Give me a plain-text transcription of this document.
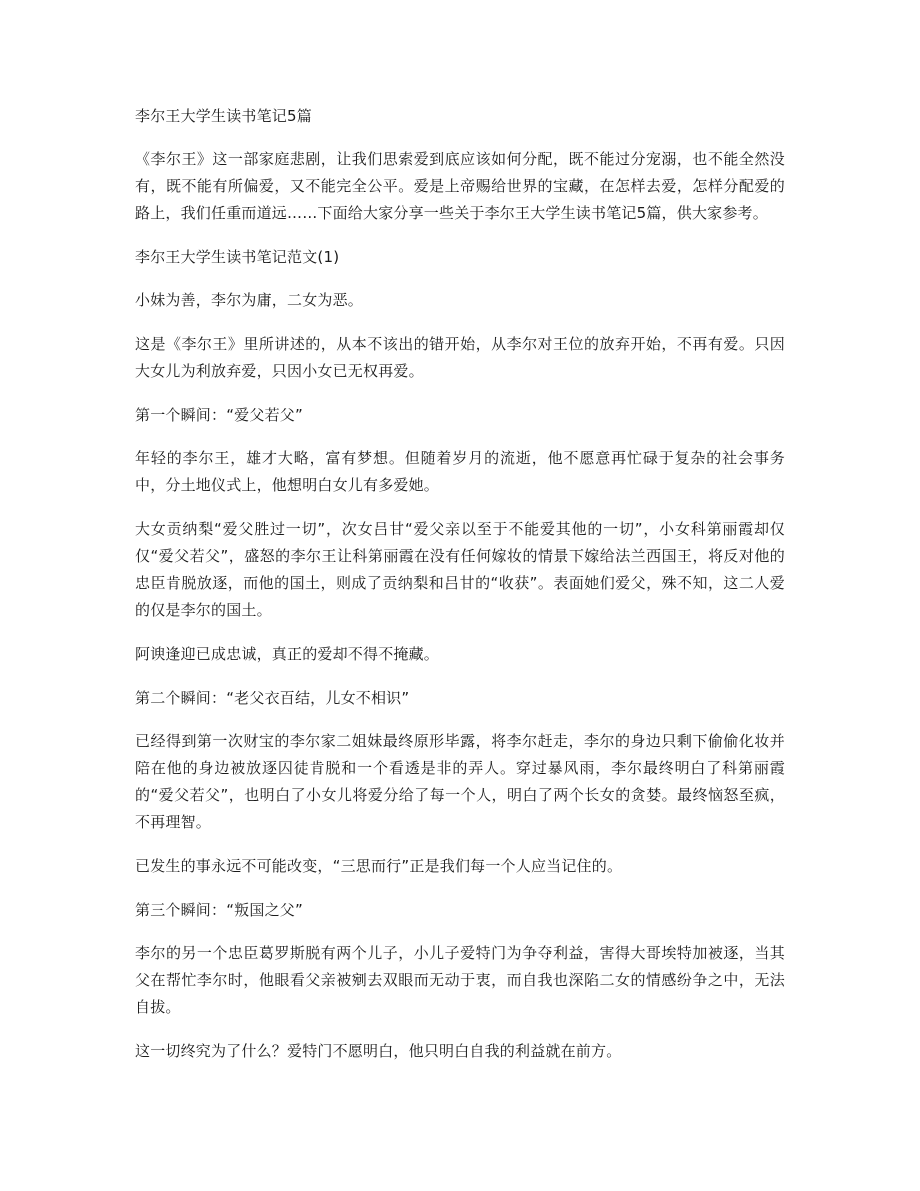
李尔王大学生读书笔记5篇

《李尔王》这一部家庭悲剧，让我们思索爱到底应该如何分配，既不能过分宠溺，也不能全然没有，既不能有所偏爱，又不能完全公平。爱是上帝赐给世界的宝藏，在怎样去爱，怎样分配爱的路上，我们任重而道远……下面给大家分享一些关于李尔王大学生读书笔记5篇，供大家参考。

李尔王大学生读书笔记范文(1)

小妹为善，李尔为庸，二女为恶。

这是《李尔王》里所讲述的，从本不该出的错开始，从李尔对王位的放弃开始，不再有爱。只因大女儿为利放弃爱，只因小女已无权再爱。

第一个瞬间：“爱父若父”

年轻的李尔王，雄才大略，富有梦想。但随着岁月的流逝，他不愿意再忙碌于复杂的社会事务中，分土地仪式上，他想明白女儿有多爱她。

大女贡纳梨“爱父胜过一切”，次女吕甘“爱父亲以至于不能爱其他的一切”，小女科第丽霞却仅仅“爱父若父”，盛怒的李尔王让科第丽霞在没有任何嫁妆的情景下嫁给法兰西国王，将反对他的忠臣肯脱放逐，而他的国土，则成了贡纳梨和吕甘的“收获”。表面她们爱父，殊不知，这二人爱的仅是李尔的国土。

阿谀逢迎已成忠诚，真正的爱却不得不掩藏。

第二个瞬间：“老父衣百结，儿女不相识”

已经得到第一次财宝的李尔家二姐妹最终原形毕露，将李尔赶走，李尔的身边只剩下偷偷化妆并陪在他的身边被放逐囚徒肯脱和一个看透是非的弄人。穿过暴风雨，李尔最终明白了科第丽霞的“爱父若父”，也明白了小女儿将爱分给了每一个人，明白了两个长女的贪婪。最终恼怒至疯，不再理智。

已发生的事永远不可能改变，“三思而行”正是我们每一个人应当记住的。

第三个瞬间：“叛国之父”

李尔的另一个忠臣葛罗斯脱有两个儿子，小儿子爱特门为争夺利益，害得大哥埃特加被逐，当其父在帮忙李尔时，他眼看父亲被剜去双眼而无动于衷，而自我也深陷二女的情感纷争之中，无法自拔。

这一切终究为了什么？爱特门不愿明白，他只明白自我的利益就在前方。
